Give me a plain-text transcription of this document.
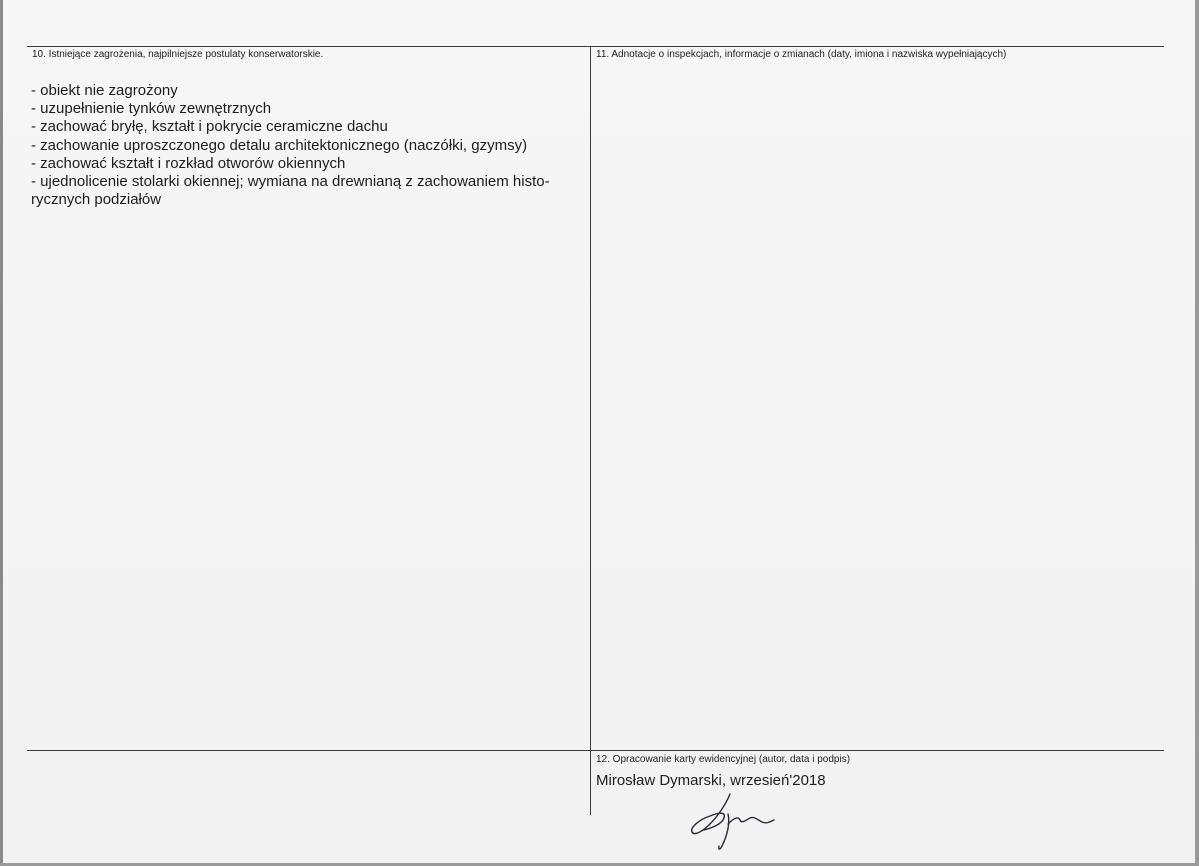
10. Istniejące zagrożenia, najpilniejsze postulaty konserwatorskie.
- obiekt nie zagrożony
- uzupełnienie tynków zewnętrznych
- zachować bryłę, kształt i pokrycie ceramiczne dachu
- zachowanie uproszczonego detalu architektonicznego (naczółki, gzymsy)
- zachować kształt i rozkład otworów okiennych
- ujednolicenie stolarki okiennej; wymiana na drewnianą z zachowaniem histo-
rycznych podziałów
11. Adnotacje o inspekcjach, informacje o zmianach (daty, imiona i nazwiska wypełniających)
12. Opracowanie karty ewidencyjnej (autor, data i podpis)
Mirosław Dymarski, wrzesień'2018
